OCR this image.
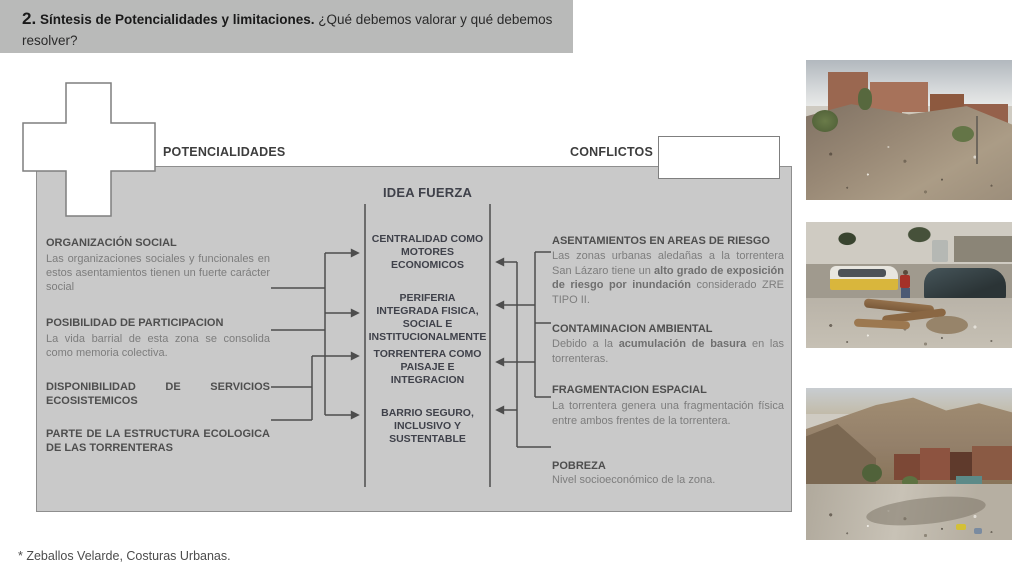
2. Síntesis de Potencialidades y limitaciones. ¿Qué debemos valorar y qué debemos resolver?
POTENCIALIDADES	CONFLICTOS
IDEA FUERZA
ORGANIZACIÓN SOCIAL
Las organizaciones sociales y funcionales en estos asentamientos tienen un fuerte carácter social
POSIBILIDAD DE PARTICIPACION
La vida barrial de esta zona se consolida como memoria colectiva.
DISPONIBILIDAD DE SERVICIOS ECOSISTEMICOS
PARTE DE LA ESTRUCTURA ECOLOGICA DE LAS TORRENTERAS
CENTRALIDAD COMO MOTORES ECONOMICOS
PERIFERIA INTEGRADA FISICA, SOCIAL E INSTITUCIONALMENTE
TORRENTERA COMO PAISAJE E INTEGRACION
BARRIO SEGURO, INCLUSIVO Y SUSTENTABLE
ASENTAMIENTOS EN AREAS DE RIESGO
Las zonas urbanas aledañas a la torrentera San Lázaro tiene un alto grado de exposición de riesgo por inundación considerado ZRE TIPO II.
CONTAMINACION AMBIENTAL
Debido a la acumulación de basura en las torrenteras.
FRAGMENTACION ESPACIAL
La torrentera genera una fragmentación física entre ambos frentes de la torrentera.
POBREZA
Nivel socioeconómico de la zona.
* Zeballos Velarde, Costuras Urbanas.
